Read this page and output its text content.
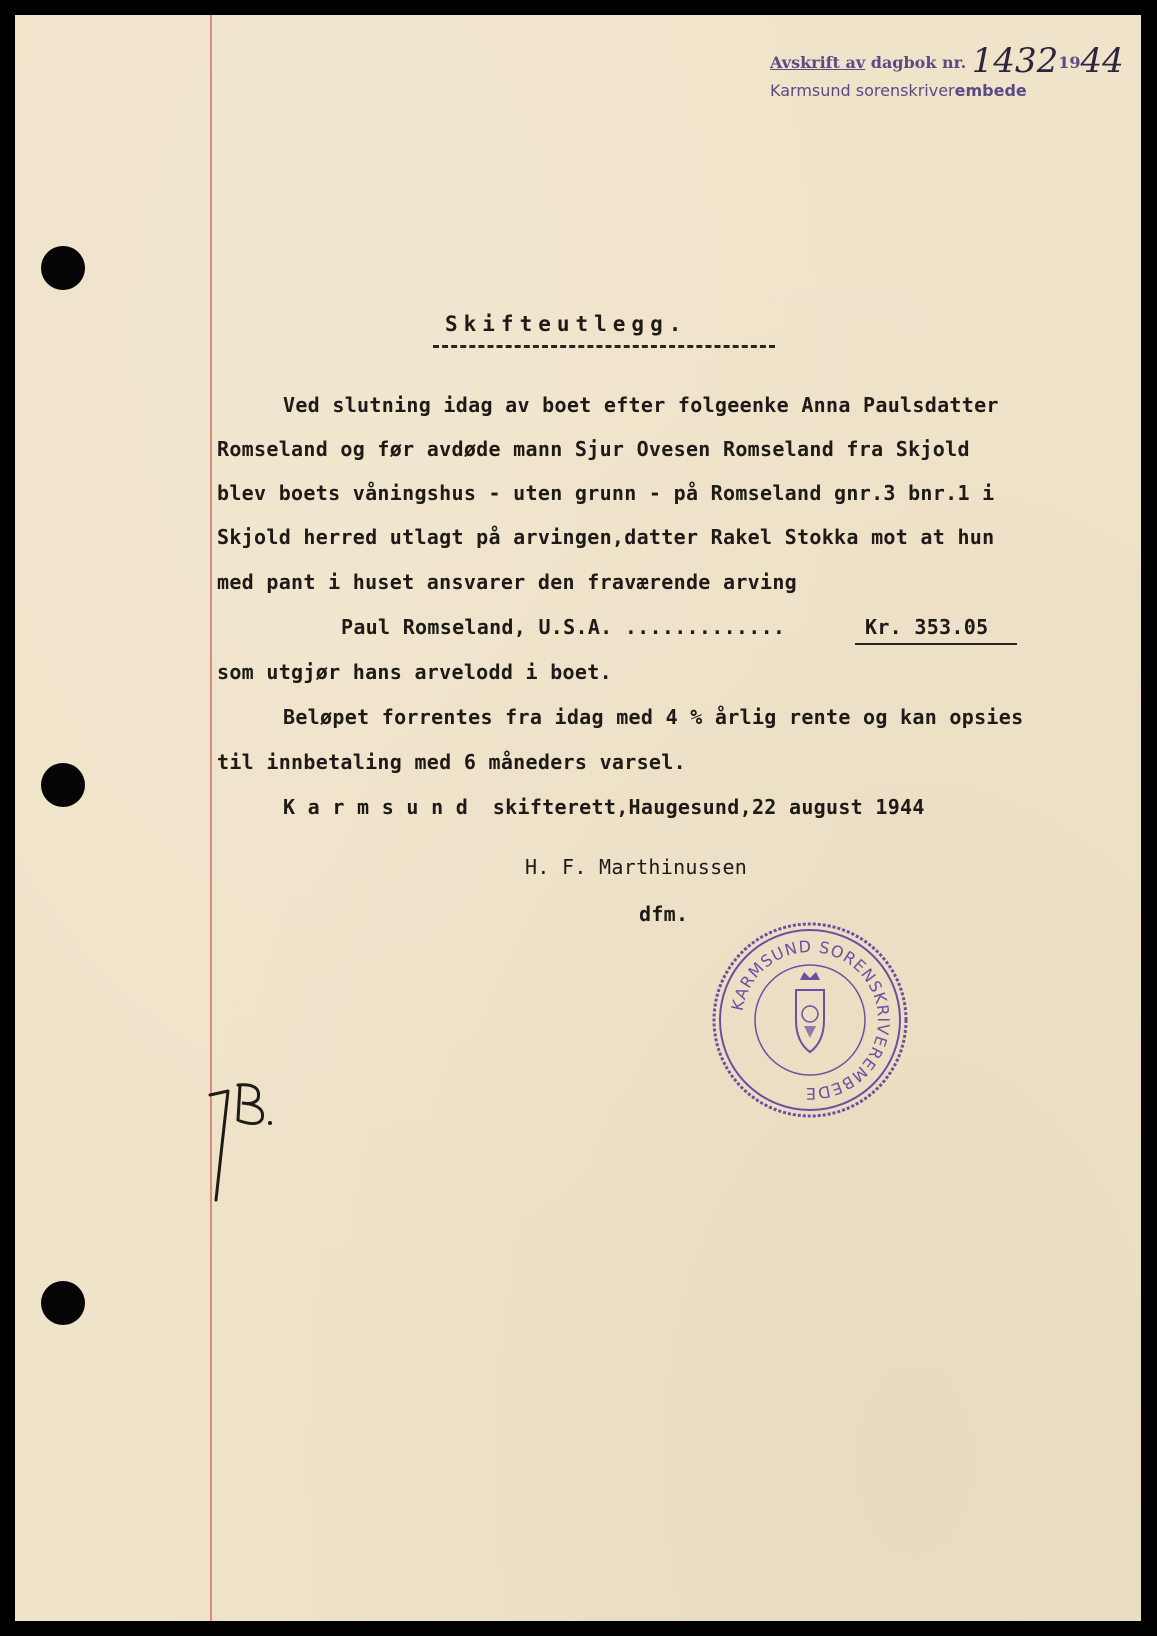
Avskrift av dagbok nr. 14321944
Karmsund sorenskriverembede
Skifteutlegg.
Ved slutning idag av boet efter folgeenke Anna Paulsdatter
Romseland og før avdøde mann Sjur Ovesen Romseland fra Skjold
blev boets våningshus - uten grunn - på Romseland gnr.3 bnr.1 i
Skjold herred utlagt på arvingen,datter Rakel Stokka mot at hun
med pant i huset ansvarer den fraværende arving
Paul Romseland, U.S.A. .............	Kr. 353.05
som utgjør hans arvelodd i boet.
Beløpet forrentes fra idag med 4 % årlig rente og kan opsies
til innbetaling med 6 måneders varsel.
K a r m s u n d  skifterett,Haugesund,22 august 1944
H. F. Marthinussen
dfm.
KARMSUND SORENSKRIVEREMBEDE
